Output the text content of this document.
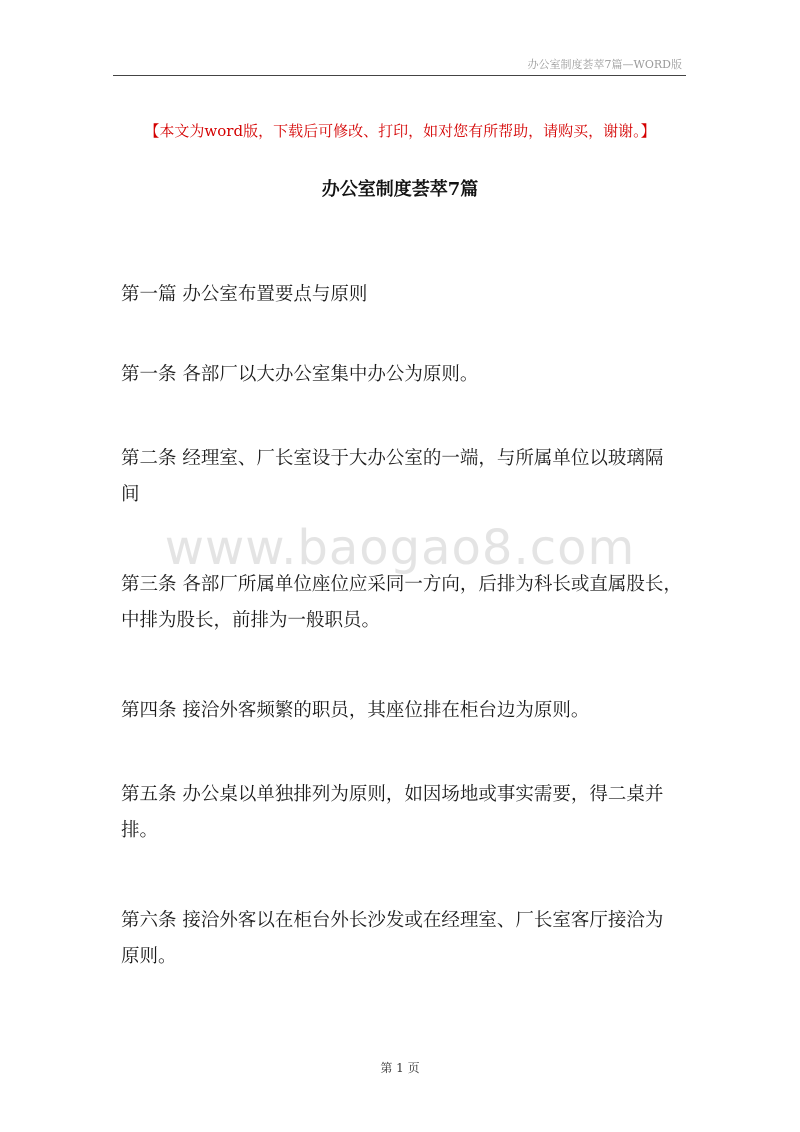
办公室制度荟萃7篇—WORD版
【本文为word版，下载后可修改、打印，如对您有所帮助，请购买，谢谢。】
办公室制度荟萃7篇
www.baogao8.com
第一篇 办公室布置要点与原则
第一条 各部厂以大办公室集中办公为原则。
第二条 经理室、厂长室设于大办公室的一端，与所属单位以玻璃隔
间
第三条 各部厂所属单位座位应采同一方向，后排为科长或直属股长，
中排为股长，前排为一般职员。
第四条 接洽外客频繁的职员，其座位排在柜台边为原则。
第五条 办公桌以单独排列为原则，如因场地或事实需要，得二桌并
排。
第六条 接洽外客以在柜台外长沙发或在经理室、厂长室客厅接洽为
原则。
第 1 页
